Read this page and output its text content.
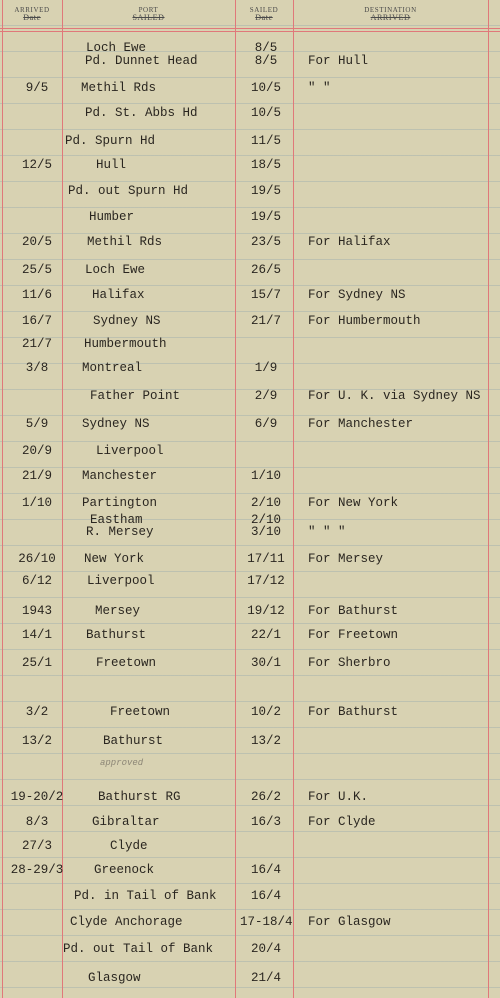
ARRIVED
Date
PORT
SAILED
SAILED
Date
DESTINATION
ARRIVED
Loch Ewe	8/5
Pd. Dunnet Head	8/5	For Hull
9/5	Methil Rds	10/5	" "
Pd. St. Abbs Hd	10/5
Pd. Spurn Hd	11/5
12/5	Hull	18/5
Pd. out Spurn Hd	19/5
Humber	19/5
20/5	Methil Rds	23/5	For Halifax
25/5	Loch Ewe	26/5
11/6	Halifax	15/7	For Sydney NS
16/7	Sydney NS	21/7	For Humbermouth
21/7	Humbermouth
3/8	Montreal	1/9
Father Point	2/9	For U. K. via Sydney NS
5/9	Sydney NS	6/9	For Manchester
20/9	Liverpool
21/9	Manchester	1/10
1/10	Partington	2/10	For New York
Eastham	2/10
R. Mersey	3/10	" " "
26/10	New York	17/11	For Mersey
6/12	Liverpool	17/12
1943	Mersey	19/12	For Bathurst
14/1	Bathurst	22/1	For Freetown
25/1	Freetown	30/1	For Sherbro
3/2	Freetown	10/2	For Bathurst
13/2	Bathurst	13/2
19-20/2	Bathurst RG	26/2	For U.K.
8/3	Gibraltar	16/3	For Clyde
27/3	Clyde
28-29/3	Greenock	16/4
Pd. in Tail of Bank	16/4
Clyde Anchorage	17-18/4	For Glasgow
Pd. out Tail of Bank	20/4
Glasgow	21/4
approved
